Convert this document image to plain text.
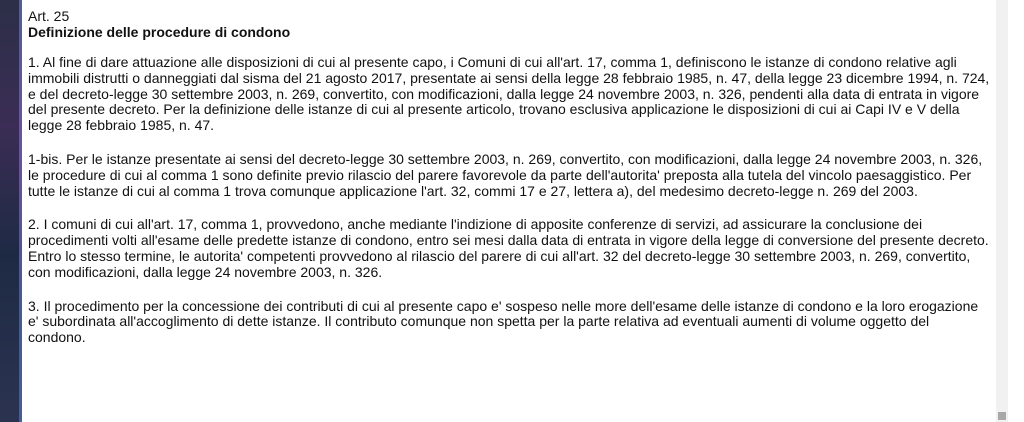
Art. 25

Definizione delle procedure di condono

1. Al fine di dare attuazione alle disposizioni di cui al presente capo, i Comuni di cui all'art. 17, comma 1, definiscono le istanze di condono relative agli immobili distrutti o danneggiati dal sisma del 21 agosto 2017, presentate ai sensi della legge 28 febbraio 1985, n. 47, della legge 23 dicembre 1994, n. 724, e del decreto-legge 30 settembre 2003, n. 269, convertito, con modificazioni, dalla legge 24 novembre 2003, n. 326, pendenti alla data di entrata in vigore del presente decreto. Per la definizione delle istanze di cui al presente articolo, trovano esclusiva applicazione le disposizioni di cui ai Capi IV e V della legge 28 febbraio 1985, n. 47.

1-bis. Per le istanze presentate ai sensi del decreto-legge 30 settembre 2003, n. 269, convertito, con modificazioni, dalla legge 24 novembre 2003, n. 326, le procedure di cui al comma 1 sono definite previo rilascio del parere favorevole da parte dell'autorita' preposta alla tutela del vincolo paesaggistico. Per tutte le istanze di cui al comma 1 trova comunque applicazione l'art. 32, commi 17 e 27, lettera a), del medesimo decreto-legge n. 269 del 2003.

2. I comuni di cui all'art. 17, comma 1, provvedono, anche mediante l'indizione di apposite conferenze di servizi, ad assicurare la conclusione dei procedimenti volti all'esame delle predette istanze di condono, entro sei mesi dalla data di entrata in vigore della legge di conversione del presente decreto. Entro lo stesso termine, le autorita' competenti provvedono al rilascio del parere di cui all'art. 32 del decreto-legge 30 settembre 2003, n. 269, convertito, con modificazioni, dalla legge 24 novembre 2003, n. 326.

3. Il procedimento per la concessione dei contributi di cui al presente capo e' sospeso nelle more dell'esame delle istanze di condono e la loro erogazione e' subordinata all'accoglimento di dette istanze. Il contributo comunque non spetta per la parte relativa ad eventuali aumenti di volume oggetto del condono.
